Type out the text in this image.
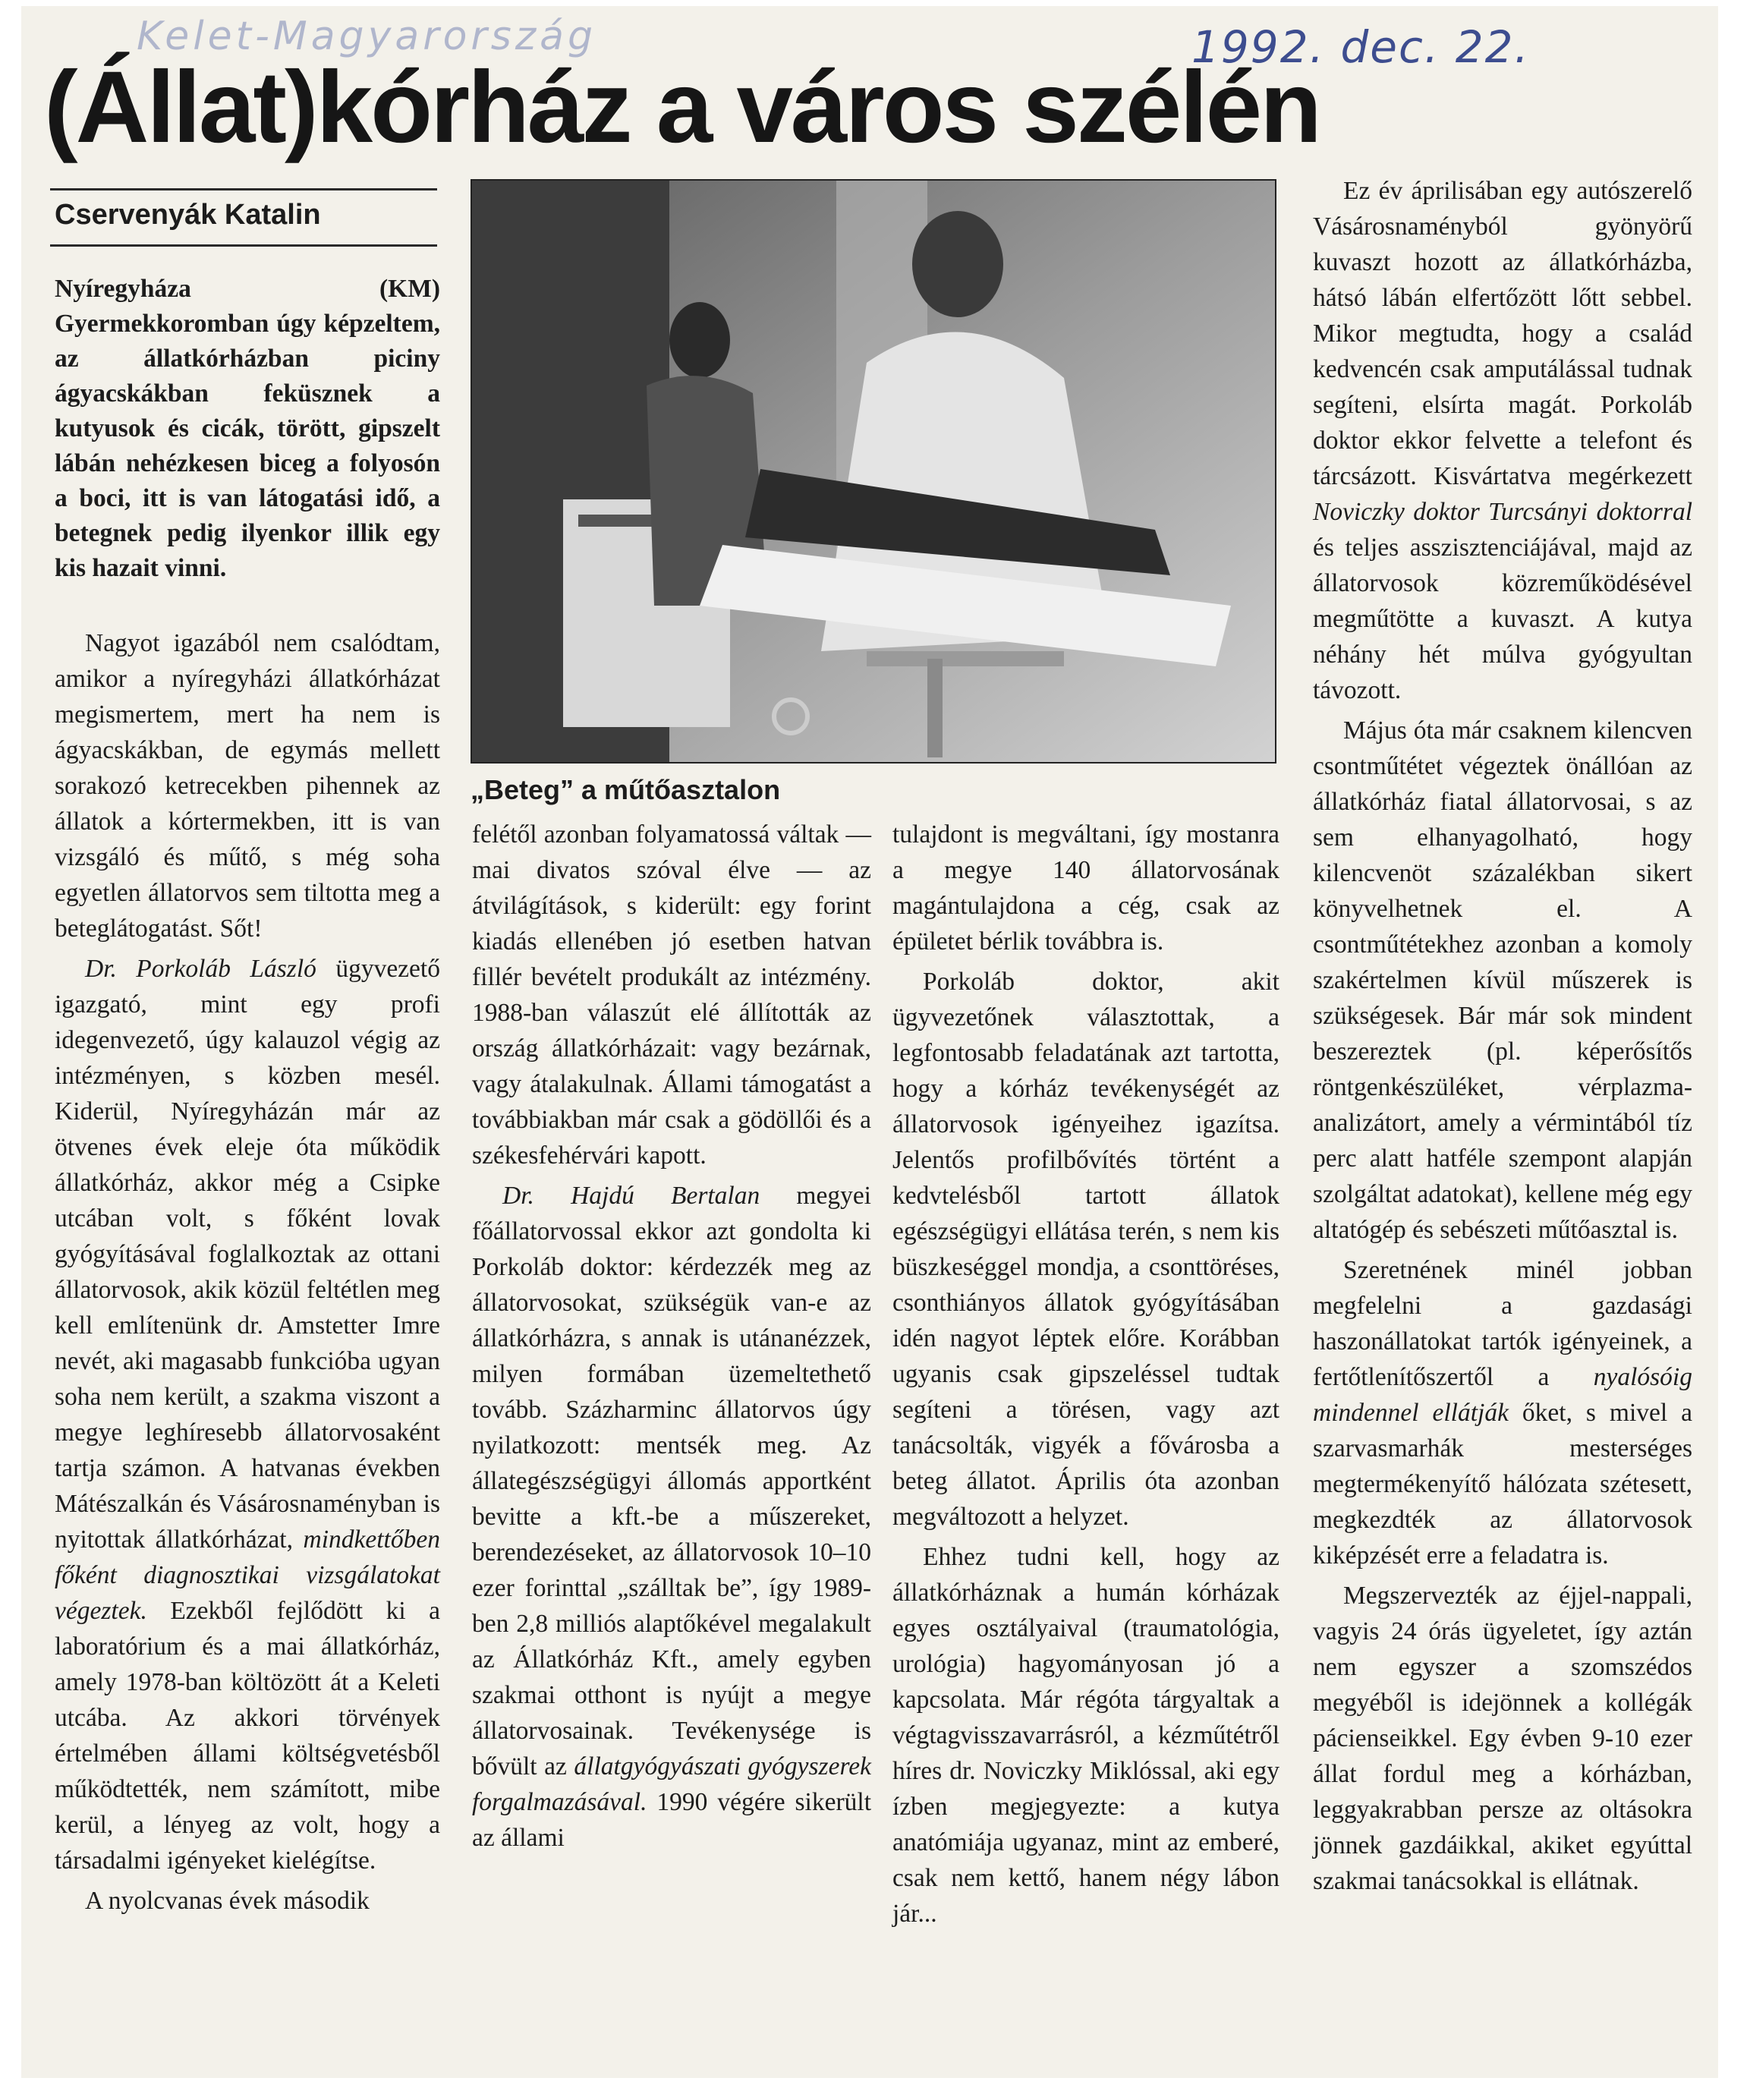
Kelet-Magyarország	1992. dec. 22.
(Állat)kórház a város szélén
Cservenyák Katalin

Nyíregyháza (KM) Gyermekkoromban úgy képzeltem, az állatkórházban piciny ágyacskákban feküsznek a kutyusok és cicák, törött, gipszelt lábán nehézkesen biceg a folyosón a boci, itt is van látogatási idő, a betegnek pedig ilyenkor illik egy kis hazait vinni.

Nagyot igazából nem csalódtam, amikor a nyíregyházi állatkórházat megismertem, mert ha nem is ágyacskákban, de egymás mellett sorakozó ketrecekben pihennek az állatok a kórtermekben, itt is van vizsgáló és műtő, s még soha egyetlen állatorvos sem tiltotta meg a beteglátogatást. Sőt!

Dr. Porkoláb László ügyvezető igazgató, mint egy profi idegenvezető, úgy kalauzol végig az intézményen, s közben mesél. Kiderül, Nyíregyházán már az ötvenes évek eleje óta működik állatkórház, akkor még a Csipke utcában volt, s főként lovak gyógyításával foglalkoztak az ottani állatorvosok, akik közül feltétlen meg kell említenünk dr. Amstetter Imre nevét, aki magasabb funkcióba ugyan soha nem került, a szakma viszont a megye leghíresebb állatorvosaként tartja számon. A hatvanas években Mátészalkán és Vásárosnaményban is nyitottak állatkórházat, mindkettőben főként diagnosztikai vizsgálatokat végeztek. Ezekből fejlődött ki a laboratórium és a mai állatkórház, amely 1978-ban költözött át a Keleti utcába. Az akkori törvények értelmében állami költségvetésből működtették, nem számított, mibe kerül, a lényeg az volt, hogy a társadalmi igényeket kielégítse.

A nyolcvanas évek második

„Beteg” a műtőasztalon

felétől azonban folyamatossá váltak — mai divatos szóval élve — az átvilágítások, s kiderült: egy forint kiadás ellenében jó esetben hatvan fillér bevételt produkált az intézmény. 1988-ban válaszút elé állították az ország állatkórházait: vagy bezárnak, vagy átalakulnak. Állami támogatást a továbbiakban már csak a gödöllői és a székesfehérvári kapott.

Dr. Hajdú Bertalan megyei főállatorvossal ekkor azt gondolta ki Porkoláb doktor: kérdezzék meg az állatorvosokat, szükségük van-e az állatkórházra, s annak is utánanézzek, milyen formában üzemeltethető tovább. Százharminc állatorvos úgy nyilatkozott: mentsék meg. Az állategészségügyi állomás apportként bevitte a kft.-be a műszereket, berendezéseket, az állatorvosok 10–10 ezer forinttal „szálltak be”, így 1989-ben 2,8 milliós alaptőkével megalakult az Állatkórház Kft., amely egyben szakmai otthont is nyújt a megye állatorvosainak. Tevékenysége is bővült az állatgyógyászati gyógyszerek forgalmazásával. 1990 végére sikerült az állami

tulajdont is megváltani, így mostanra a megye 140 állatorvosának magántulajdona a cég, csak az épületet bérlik továbbra is.

Porkoláb doktor, akit ügyvezetőnek választottak, a legfontosabb feladatának azt tartotta, hogy a kórház tevékenységét az állatorvosok igényeihez igazítsa. Jelentős profilbővítés történt a kedvtelésből tartott állatok egészségügyi ellátása terén, s nem kis büszkeséggel mondja, a csonttöréses, csonthiányos állatok gyógyításában idén nagyot léptek előre. Korábban ugyanis csak gipszeléssel tudtak segíteni a törésen, vagy azt tanácsolták, vigyék a fővárosba a beteg állatot. Április óta azonban megváltozott a helyzet.

Ehhez tudni kell, hogy az állatkórháznak a humán kórházak egyes osztályaival (traumatológia, urológia) hagyományosan jó a kapcsolata. Már régóta tárgyaltak a végtagvisszavarrásról, a kézműtétről híres dr. Noviczky Miklóssal, aki egy ízben megjegyezte: a kutya anatómiája ugyanaz, mint az emberé, csak nem kettő, hanem négy lábon jár...

Ez év áprilisában egy autószerelő Vásárosnaményból gyönyörű kuvaszt hozott az állatkórházba, hátsó lábán elfertőzött lőtt sebbel. Mikor megtudta, hogy a család kedvencén csak amputálással tudnak segíteni, elsírta magát. Porkoláb doktor ekkor felvette a telefont és tárcsázott. Kisvártatva megérkezett Noviczky doktor Turcsányi doktorral és teljes asszisztenciájával, majd az állatorvosok közreműködésével megműtötte a kuvaszt. A kutya néhány hét múlva gyógyultan távozott.

Május óta már csaknem kilencven csontműtétet végeztek önállóan az állatkórház fiatal állatorvosai, s az sem elhanyagolható, hogy kilencvenöt százalékban sikert könyvelhetnek el. A csontműtétekhez azonban a komoly szakértelmen kívül műszerek is szükségesek. Bár már sok mindent beszereztek (pl. képerősítős röntgenkészüléket, vérplazma-analizátort, amely a vérmintából tíz perc alatt hatféle szempont alapján szolgáltat adatokat), kellene még egy altatógép és sebészeti műtőasztal is.

Szeretnének minél jobban megfelelni a gazdasági haszonállatokat tartók igényeinek, a fertőtlenítőszertől a nyalósóig mindennel ellátják őket, s mivel a szarvasmarhák mesterséges megtermékenyítő hálózata szétesett, megkezdték az állatorvosok kiképzését erre a feladatra is.

Megszervezték az éjjel-nappali, vagyis 24 órás ügyeletet, így aztán nem egyszer a szomszédos megyéből is idejönnek a kollégák pácienseikkel. Egy évben 9-10 ezer állat fordul meg a kórházban, leggyakrabban persze az oltásokra jönnek gazdáikkal, akiket egyúttal szakmai tanácsokkal is ellátnak.
